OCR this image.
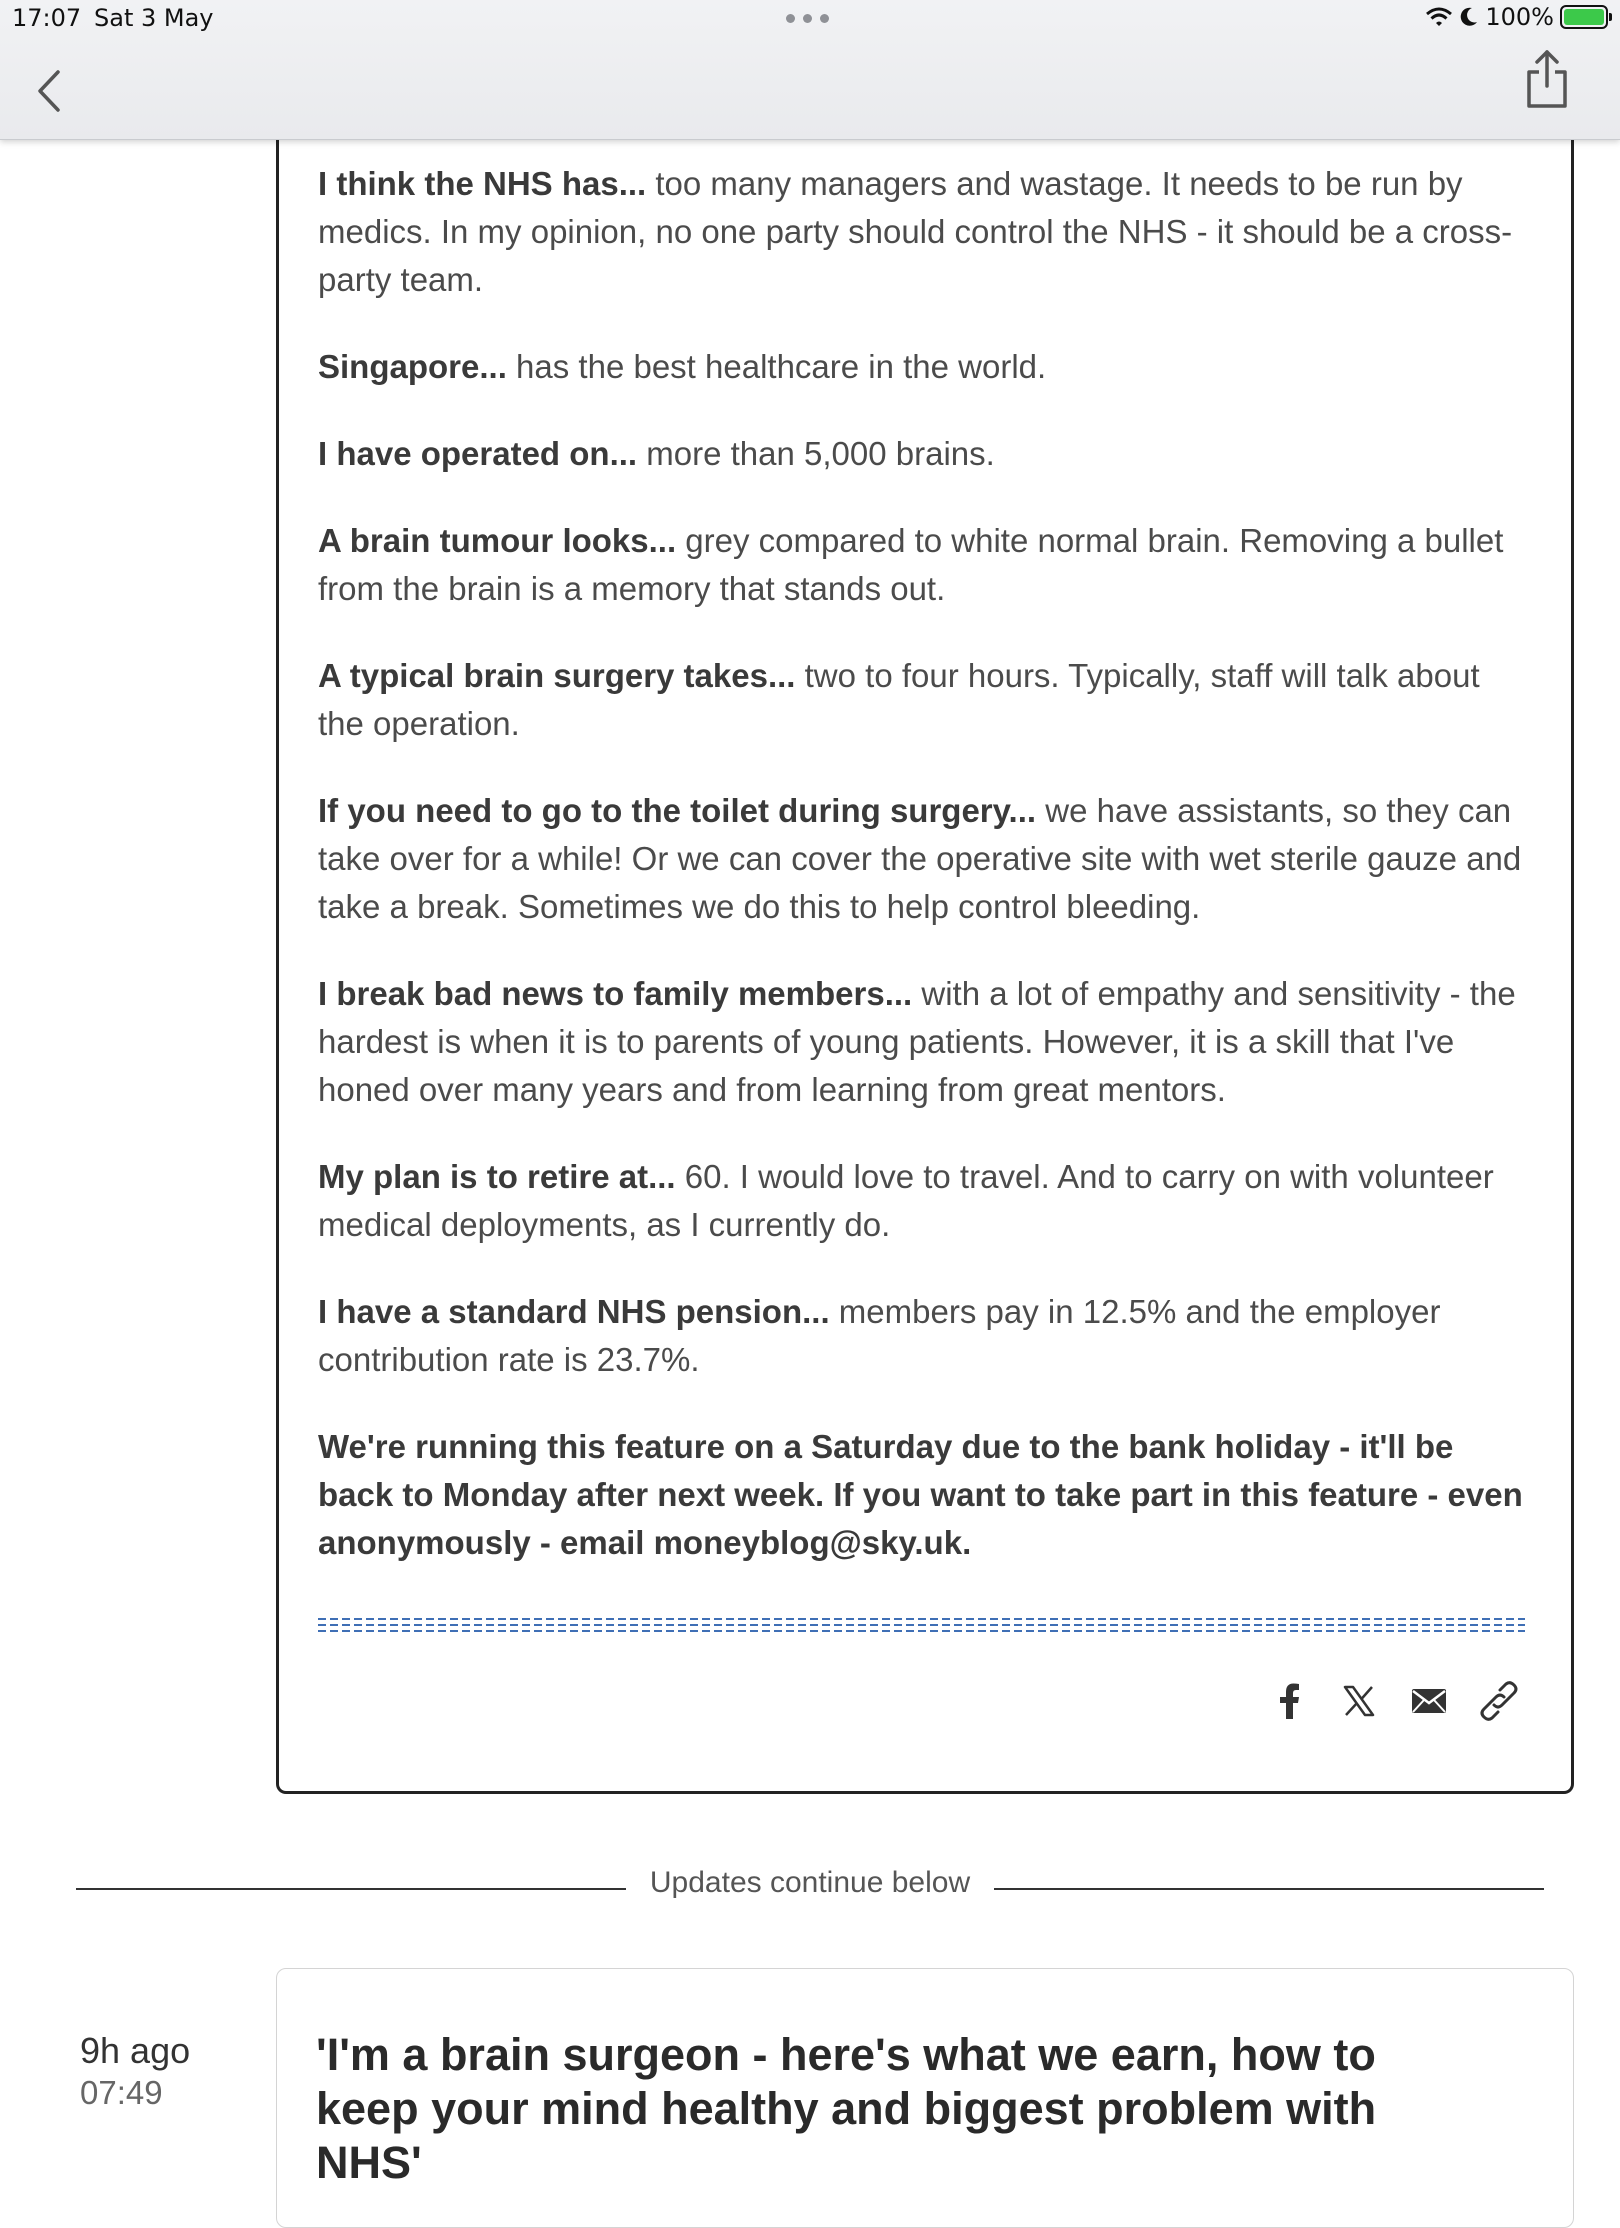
17:07 Sat 3 May	100%

I think the NHS has... too many managers and wastage. It needs to be run by medics. In my opinion, no one party should control the NHS - it should be a cross-party team.

Singapore... has the best healthcare in the world.

I have operated on... more than 5,000 brains.

A brain tumour looks... grey compared to white normal brain. Removing a bullet from the brain is a memory that stands out.

A typical brain surgery takes... two to four hours. Typically, staff will talk about the operation.

If you need to go to the toilet during surgery... we have assistants, so they can take over for a while! Or we can cover the operative site with wet sterile gauze and take a break. Sometimes we do this to help control bleeding.

I break bad news to family members... with a lot of empathy and sensitivity - the hardest is when it is to parents of young patients. However, it is a skill that I've honed over many years and from learning from great mentors.

My plan is to retire at... 60. I would love to travel. And to carry on with volunteer medical deployments, as I currently do.

I have a standard NHS pension... members pay in 12.5% and the employer contribution rate is 23.7%.

We're running this feature on a Saturday due to the bank holiday - it'll be back to Monday after next week. If you want to take part in this feature - even anonymously - email moneyblog@sky.uk.

Updates continue below
9h ago
07:49
'I'm a brain surgeon - here's what we earn, how to keep your mind healthy and biggest problem with NHS'
